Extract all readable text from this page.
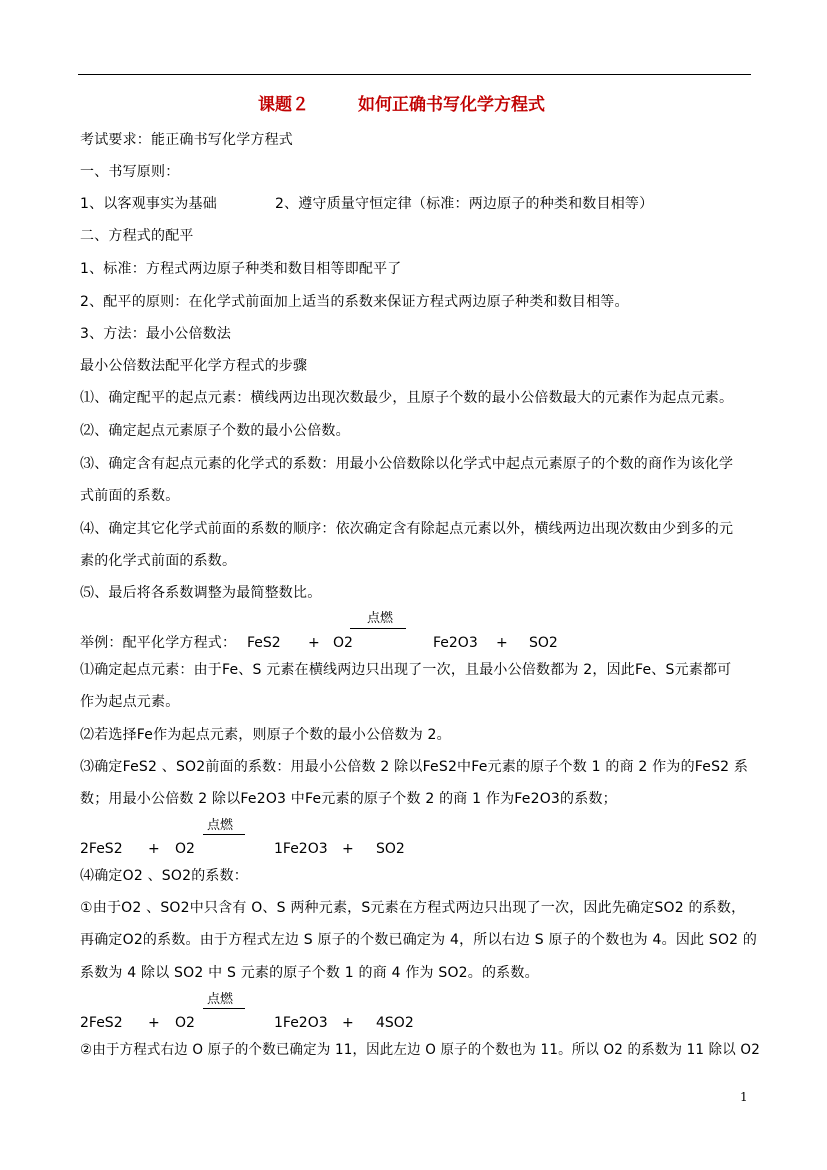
课题２	如何正确书写化学方程式
考试要求：能正确书写化学方程式
一、书写原则：
1、以客观事实为基础	2、遵守质量守恒定律（标准：两边原子的种类和数目相等）
二、方程式的配平
1、标准：方程式两边原子种类和数目相等即配平了
2、配平的原则：在化学式前面加上适当的系数来保证方程式两边原子种类和数目相等。
3、方法：最小公倍数法
最小公倍数法配平化学方程式的步骤
⑴、确定配平的起点元素：横线两边出现次数最少，且原子个数的最小公倍数最大的元素作为起点元素。
⑵、确定起点元素原子个数的最小公倍数。
⑶、确定含有起点元素的化学式的系数：用最小公倍数除以化学式中起点元素原子的个数的商作为该化学
式前面的系数。
⑷、确定其它化学式前面的系数的顺序：依次确定含有除起点元素以外，横线两边出现次数由少到多的元
素的化学式前面的系数。
⑸、最后将各系数调整为最简整数比。
点燃
举例：配平化学方程式： FeS2 + O2	Fe2O3 + SO2
⑴确定起点元素：由于Fe、S 元素在横线两边只出现了一次，且最小公倍数都为 2，因此Fe、S元素都可
作为起点元素。
⑵若选择Fe作为起点元素，则原子个数的最小公倍数为 2。
⑶确定FeS2 、SO2前面的系数：用最小公倍数 2 除以FeS2中Fe元素的原子个数 1 的商 2 作为的FeS2 系
数；用最小公倍数 2 除以Fe2O3 中Fe元素的原子个数 2 的商 1 作为Fe2O3的系数；
点燃
2FeS2 + O2	1Fe2O3 + SO2
⑷确定O2 、SO2的系数：
①由于O2 、SO2中只含有 O、S 两种元素，S元素在方程式两边只出现了一次，因此先确定SO2 的系数，
再确定O2的系数。由于方程式左边 S 原子的个数已确定为 4，所以右边 S 原子的个数也为 4。因此 SO2 的
系数为 4 除以 SO2 中 S 元素的原子个数 1 的商 4 作为 SO2。的系数。
点燃
2FeS2 + O2	1Fe2O3 + 4SO2
②由于方程式右边 O 原子的个数已确定为 11，因此左边 O 原子的个数也为 11。所以 O2 的系数为 11 除以 O2
1
